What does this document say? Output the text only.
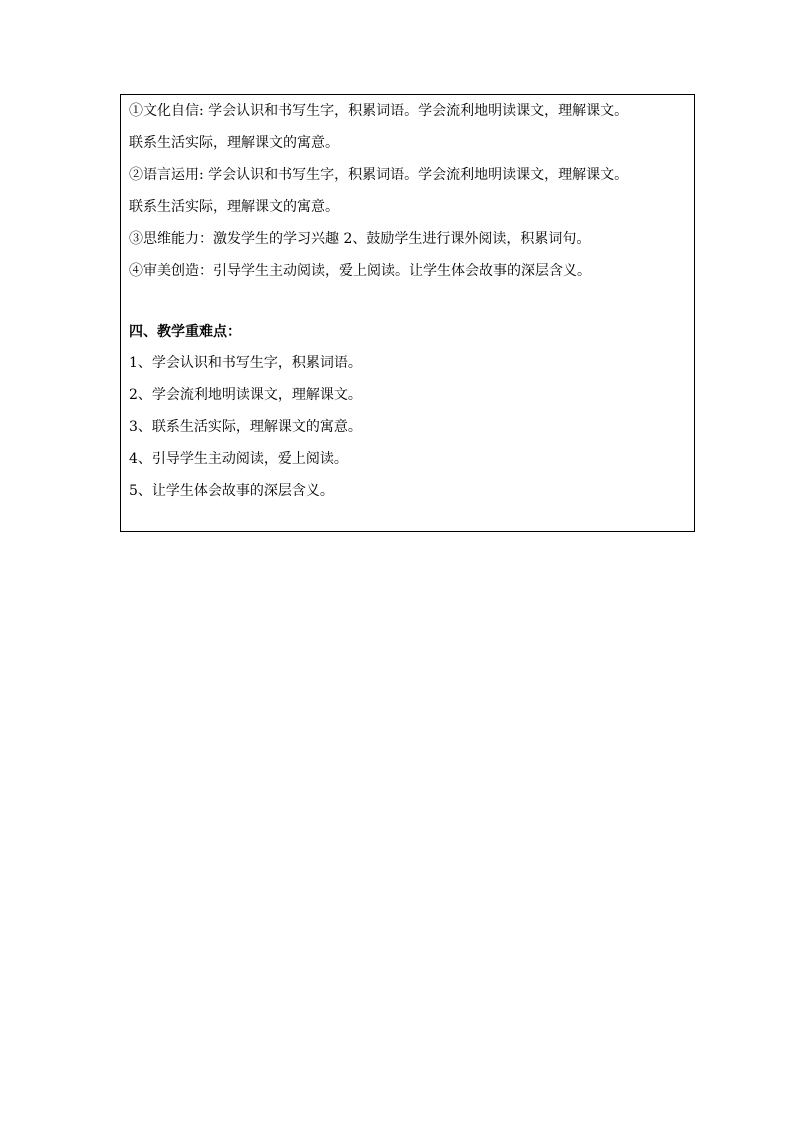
①文化自信: 学会认识和书写生字，积累词语。学会流利地明读课文，理解课文。
联系生活实际，理解课文的寓意。
②语言运用: 学会认识和书写生字，积累词语。学会流利地明读课文，理解课文。
联系生活实际，理解课文的寓意。
③思维能力：激发学生的学习兴趣 2、鼓励学生进行课外阅读，积累词句。
④审美创造：引导学生主动阅读，爱上阅读。让学生体会故事的深层含义。
四、教学重难点：
1、学会认识和书写生字，积累词语。
2、学会流利地明读课文，理解课文。
3、联系生活实际，理解课文的寓意。
4、引导学生主动阅读，爱上阅读。
5、让学生体会故事的深层含义。
